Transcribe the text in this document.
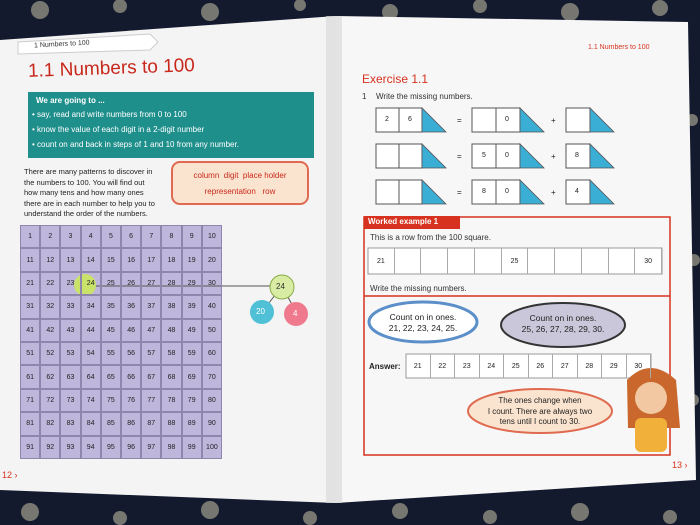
1 Numbers to 100
1.1 Numbers to 100
We are going to ...
• say, read and write numbers from 0 to 100
• know the value of each digit in a 2-digit number
• count on and back in steps of 1 and 10 from any number.
There are many patterns to discover in
the numbers to 100. You will find out
how many tens and how many ones
there are in each number to help you to
understand the order of the numbers.
column digit place holder
representation row
1	2	3	4	5	6	7	8	9	10
11	12	13	14	15	16	17	18	19	20
21	22	23	24	25	26	27	28	29	30
31	32	33	34	35	36	37	38	39	40
41	42	43	44	45	46	47	48	49	50
51	52	53	54	55	56	57	58	59	60
61	62	63	64	65	66	67	68	69	70
71	72	73	74	75	76	77	78	79	80
81	82	83	84	85	86	87	88	89	90
91	92	93	94	95	96	97	98	99	100
24
20	4
12 ›
1.1 Numbers to 100
Exercise 1.1
1 Write the missing numbers.
2	6	0
=	+
5	0	8
=	+
8	0	4
=	+
Worked example 1
This is a row from the 100 square.
21	25	30
Write the missing numbers.
Count on in ones.
21, 22, 23, 24, 25.
Count on in ones.
25, 26, 27, 28, 29, 30.
Answer:	21	22	23	24	25	26	27	28	29	30
The ones change when
I count. There are always two
tens until I count to 30.
13 ›
